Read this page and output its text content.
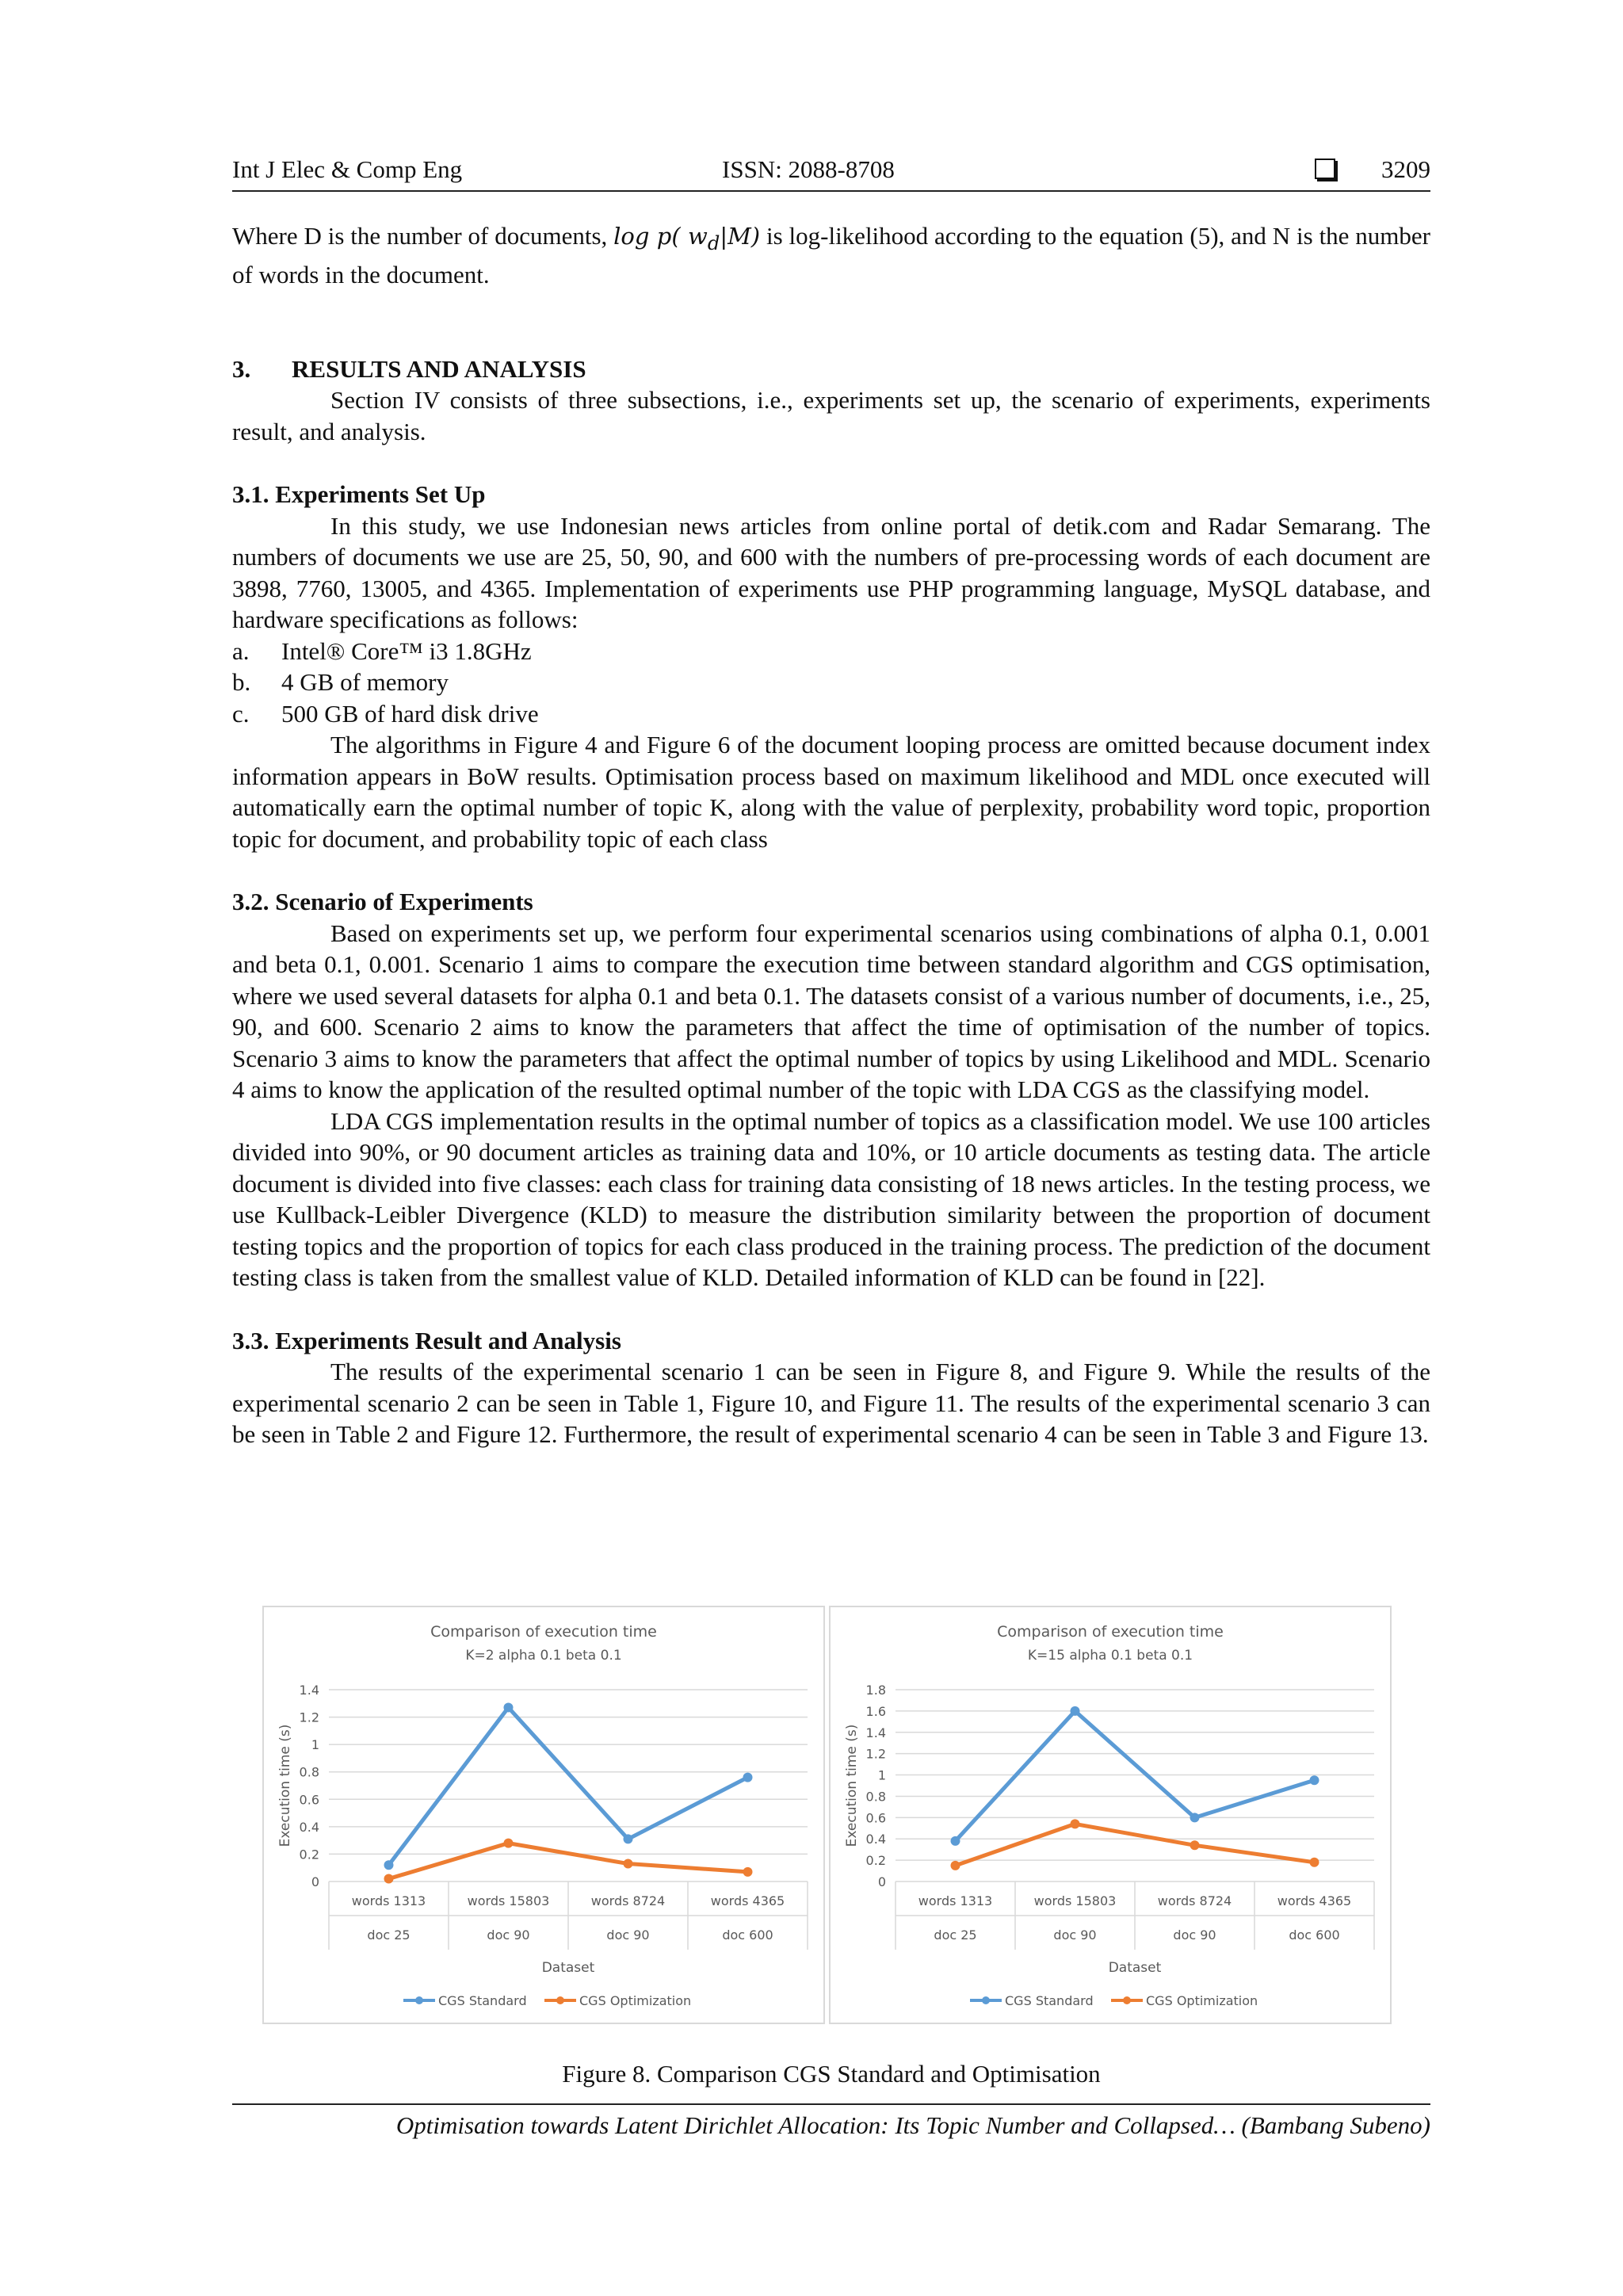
Int J Elec & Comp Eng	ISSN: 2088-8708	3209

Where D is the number of documents, log p( $w_d|M$) is log-likelihood according to the equation (5), and N is the number of words in the document.

3. RESULTS AND ANALYSIS

Section IV consists of three subsections, i.e., experiments set up, the scenario of experiments, experiments result, and analysis.

3.1. Experiments Set Up

In this study, we use Indonesian news articles from online portal of detik.com and Radar Semarang. The numbers of documents we use are 25, 50, 90, and 600 with the numbers of pre-processing words of each document are 3898, 7760, 13005, and 4365. Implementation of experiments use PHP programming language, MySQL database, and hardware specifications as follows:

a. Intel® Core™ i3 1.8GHz
b. 4 GB of memory
c. 500 GB of hard disk drive

The algorithms in Figure 4 and Figure 6 of the document looping process are omitted because document index information appears in BoW results. Optimisation process based on maximum likelihood and MDL once executed will automatically earn the optimal number of topic K, along with the value of perplexity, probability word topic, proportion topic for document, and probability topic of each class

3.2. Scenario of Experiments

Based on experiments set up, we perform four experimental scenarios using combinations of alpha 0.1, 0.001 and beta 0.1, 0.001. Scenario 1 aims to compare the execution time between standard algorithm and CGS optimisation, where we used several datasets for alpha 0.1 and beta 0.1. The datasets consist of a various number of documents, i.e., 25, 90, and 600. Scenario 2 aims to know the parameters that affect the time of optimisation of the number of topics. Scenario 3 aims to know the parameters that affect the optimal number of topics by using Likelihood and MDL. Scenario 4 aims to know the application of the resulted optimal number of the topic with LDA CGS as the classifying model.

LDA CGS implementation results in the optimal number of topics as a classification model. We use 100 articles divided into 90%, or 90 document articles as training data and 10%, or 10 article documents as testing data. The article document is divided into five classes: each class for training data consisting of 18 news articles. In the testing process, we use Kullback-Leibler Divergence (KLD) to measure the distribution similarity between the proportion of document testing topics and the proportion of topics for each class produced in the training process. The prediction of the document testing class is taken from the smallest value of KLD. Detailed information of KLD can be found in [22].

3.3. Experiments Result and Analysis

The results of the experimental scenario 1 can be seen in Figure 8, and Figure 9. While the results of the experimental scenario 2 can be seen in Table 1, Figure 10, and Figure 11. The results of the experimental scenario 3 can be seen in Table 2 and Figure 12. Furthermore, the result of experimental scenario 4 can be seen in Table 3 and Figure 13.

Comparison of execution time
K=2 alpha 0.1 beta 0.1
0
0.2
0.4
0.6
0.8
1
1.2
1.4
Execution time (s)
words 1313
doc 25
words 15803
doc 90
words 8724
doc 90
words 4365
doc 600
Dataset
CGS Standard	CGS Optimization
Comparison of execution time
K=15 alpha 0.1 beta 0.1
0
0.2
0.4
0.6
0.8
1
1.2
1.4
1.6
1.8
Execution time (s)
words 1313
doc 25
words 15803
doc 90
words 8724
doc 90
words 4365
doc 600
Dataset
CGS Standard	CGS Optimization
Figure 8. Comparison CGS Standard and Optimisation
Optimisation towards Latent Dirichlet Allocation: Its Topic Number and Collapsed… (Bambang Subeno)
